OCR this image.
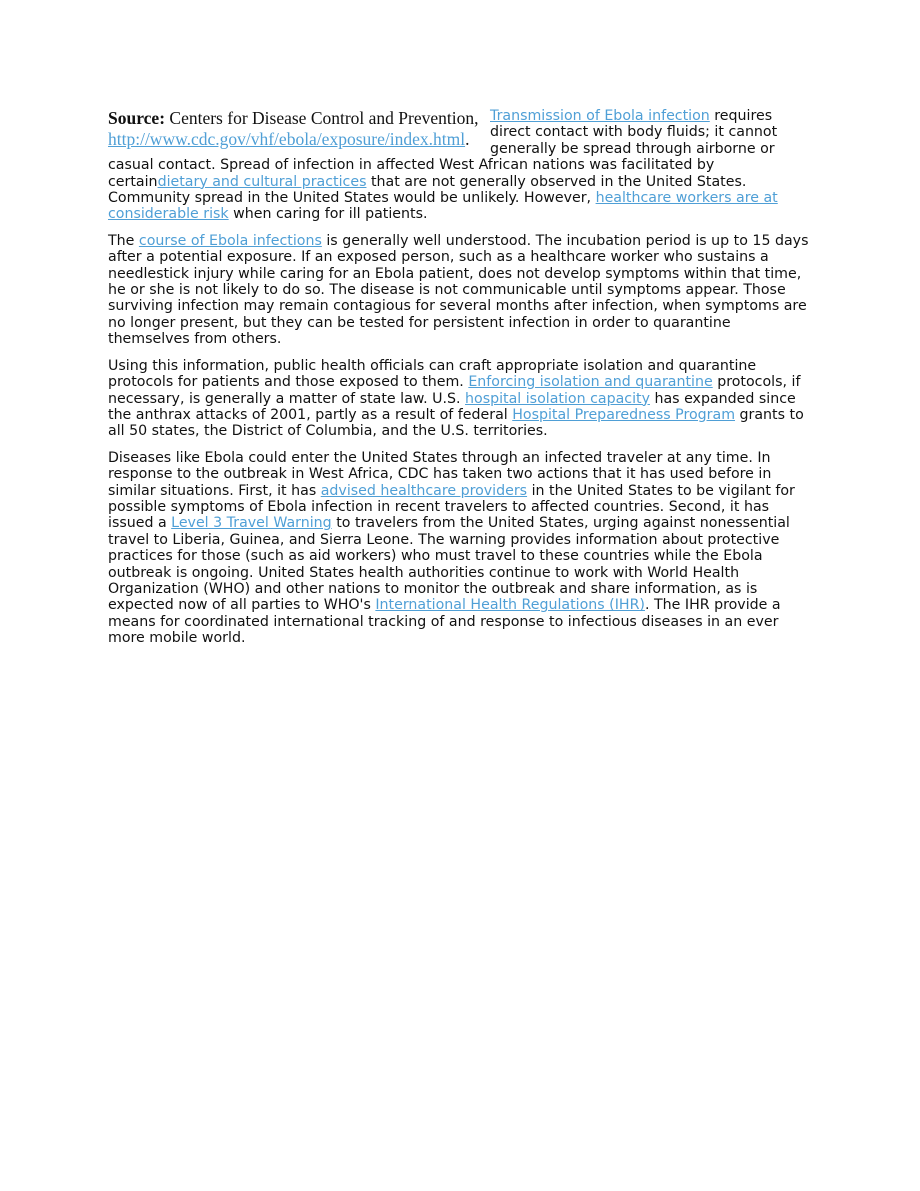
Source: Centers for Disease Control and Prevention,
http://www.cdc.gov/vhf/ebola/exposure/index.html.

Transmission of Ebola infection requires direct contact with body fluids; it cannot generally be spread through airborne or casual contact. Spread of infection in affected West African nations was facilitated by certaindietary and cultural practices that are not generally observed in the United States. Community spread in the United States would be unlikely. However, healthcare workers are at considerable risk when caring for ill patients.

The course of Ebola infections is generally well understood. The incubation period is up to 15 days after a potential exposure. If an exposed person, such as a healthcare worker who sustains a needlestick injury while caring for an Ebola patient, does not develop symptoms within that time, he or she is not likely to do so. The disease is not communicable until symptoms appear. Those surviving infection may remain contagious for several months after infection, when symptoms are no longer present, but they can be tested for persistent infection in order to quarantine themselves from others.

Using this information, public health officials can craft appropriate isolation and quarantine protocols for patients and those exposed to them. Enforcing isolation and quarantine protocols, if necessary, is generally a matter of state law. U.S. hospital isolation capacity has expanded since the anthrax attacks of 2001, partly as a result of federal Hospital Preparedness Program grants to all 50 states, the District of Columbia, and the U.S. territories.

Diseases like Ebola could enter the United States through an infected traveler at any time. In response to the outbreak in West Africa, CDC has taken two actions that it has used before in similar situations. First, it has advised healthcare providers in the United States to be vigilant for possible symptoms of Ebola infection in recent travelers to affected countries. Second, it has issued a Level 3 Travel Warning to travelers from the United States, urging against nonessential travel to Liberia, Guinea, and Sierra Leone. The warning provides information about protective practices for those (such as aid workers) who must travel to these countries while the Ebola outbreak is ongoing. United States health authorities continue to work with World Health Organization (WHO) and other nations to monitor the outbreak and share information, as is expected now of all parties to WHO's International Health Regulations (IHR). The IHR provide a means for coordinated international tracking of and response to infectious diseases in an ever more mobile world.
